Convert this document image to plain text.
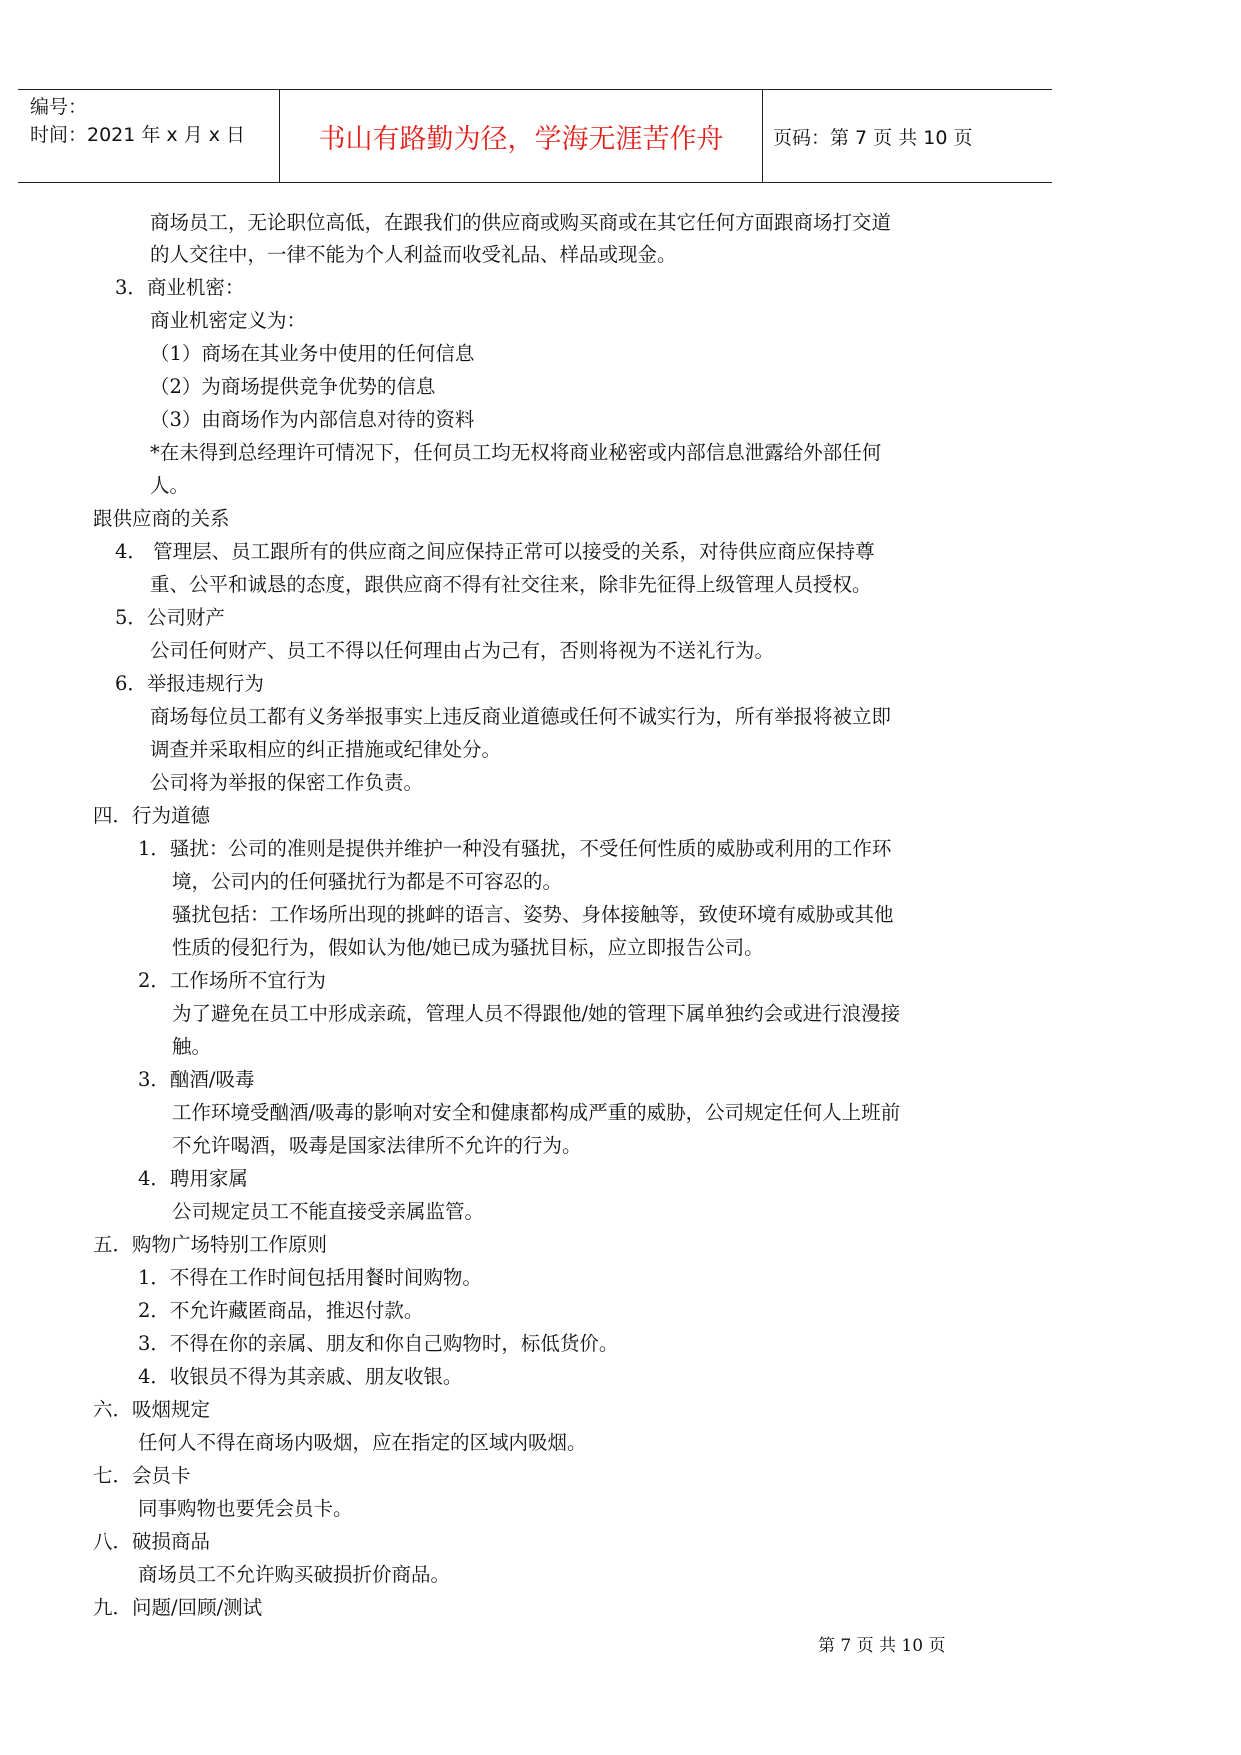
编号：
时间：2021 年 x 月 x 日	书山有路勤为径，学海无涯苦作舟	页码：第 7 页 共 10 页
商场员工，无论职位高低，在跟我们的供应商或购买商或在其它任何方面跟商场打交道
的人交往中，一律不能为个人利益而收受礼品、样品或现金。
3．商业机密：
商业机密定义为：
（1）商场在其业务中使用的任何信息
（2）为商场提供竞争优势的信息
（3）由商场作为内部信息对待的资料
*在未得到总经理许可情况下，任何员工均无权将商业秘密或内部信息泄露给外部任何
人。
跟供应商的关系
4． 管理层、员工跟所有的供应商之间应保持正常可以接受的关系，对待供应商应保持尊
重、公平和诚恳的态度，跟供应商不得有社交往来，除非先征得上级管理人员授权。
5．公司财产
公司任何财产、员工不得以任何理由占为己有，否则将视为不送礼行为。
6．举报违规行为
商场每位员工都有义务举报事实上违反商业道德或任何不诚实行为，所有举报将被立即
调查并采取相应的纠正措施或纪律处分。
公司将为举报的保密工作负责。
四．行为道德
1．骚扰：公司的准则是提供并维护一种没有骚扰，不受任何性质的威胁或利用的工作环
境，公司内的任何骚扰行为都是不可容忍的。
骚扰包括：工作场所出现的挑衅的语言、姿势、身体接触等，致使环境有威胁或其他
性质的侵犯行为，假如认为他/她已成为骚扰目标，应立即报告公司。
2．工作场所不宜行为
为了避免在员工中形成亲疏，管理人员不得跟他/她的管理下属单独约会或进行浪漫接
触。
3．酗酒/吸毒
工作环境受酗酒/吸毒的影响对安全和健康都构成严重的威胁，公司规定任何人上班前
不允许喝酒，吸毒是国家法律所不允许的行为。
4．聘用家属
公司规定员工不能直接受亲属监管。
五．购物广场特别工作原则
1．不得在工作时间包括用餐时间购物。
2．不允许藏匿商品，推迟付款。
3．不得在你的亲属、朋友和你自己购物时，标低货价。
4．收银员不得为其亲戚、朋友收银。
六．吸烟规定
任何人不得在商场内吸烟，应在指定的区域内吸烟。
七．会员卡
同事购物也要凭会员卡。
八．破损商品
商场员工不允许购买破损折价商品。
九．问题/回顾/测试
第 7 页 共 10 页
